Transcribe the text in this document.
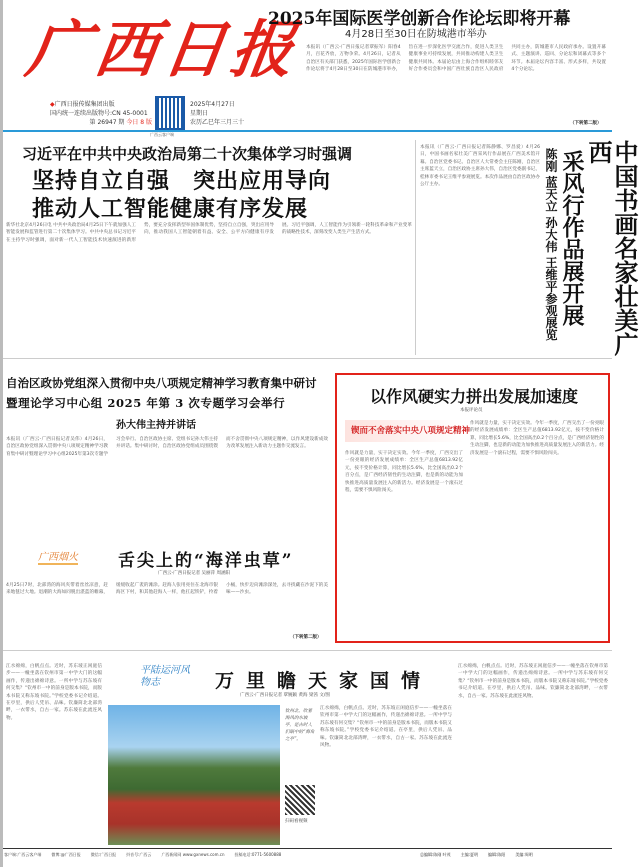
广西日报
◆广西日报传媒集团出版
国内统一连续出版物号:CN 45-0001
第 26947 期 今日 8 版
广西云客户端
2025年4月27日
星期日
农历乙巳年三月三十
2025年国际医学创新合作论坛即将开幕
4月28日至30日在防城港市举办
本报讯（广西云-广西日报记者覃振军）阳春4月，百花齐放，万物争荣。4月26日，记者从自治区有关部门获悉，2025年国际医学创新合作论坛将于4月28日至30日在防城港市举办，旨在进一步深化医学交流合作，促进人类卫生健康事业可持续发展，共同推动构建人类卫生健康共同体。本届论坛由上海合作组织睦邻友好合作委员会和中国广西壮族自治区人民政府共同主办，防城港市人民政府承办。设置开幕式、主题演讲、巡回、分论坛和闭幕式等多个环节。本届论坛内容丰富、形式多样，共设置4个分论坛。
（下转第二版）
习近平在中共中央政治局第二十次集体学习时强调
坚持自立自强　突出应用导向
推动人工智能健康有序发展
新华社北京4月26日电 中共中央政治局4月25日下午就加强人工智能发展和监管进行第二十次集体学习。中共中央总书记习近平在主持学习时强调，面对新一代人工智能技术快速演进的新形势，要充分发挥新型举国体制优势，坚持自立自强，突出应用导向，推动我国人工智能朝着有益、安全、公平方向健康有序发展。习近平强调，人工智能作为引领新一轮科技革命和产业变革的战略性技术，深刻改变人类生产生活方式。
本报讯（广西云-广西日报记者陈静娜、罗昌爱）4月26日，中国书画名家壮美广西采风行作品展在广西美术馆开幕。自治区党委书记、自治区人大常委会主任陈刚，自治区主席蓝天立，自治区政协主席孙大伟，自治区党委副书记、桂林市委书记王维平参观展览。本次作品展由自治区政协办公厅主办。	中国书画名家壮美广西
采风行作品展开展
陈刚 蓝天立 孙大伟 王维平参观展览
自治区政协党组深入贯彻中央八项规定精神学习教育集中研讨
暨理论学习中心组 2025 年第 3 次专题学习会举行
孙大伟主持并讲话
本报讯（广西云-广西日报记者吴伟）4月26日，自治区政协党组深入贯彻中央八项规定精神学习教育集中研讨暨理论学习中心组2025年第3次专题学习会举行。自治区政协主席、党组书记孙大伟主持并讲话。集中研讨时，自治区政协党组成员围绕锲而不舍贯彻中央八项规定精神，以作风建设新成效为改革发展注入新动力主题作交流发言。
以作风硬实力拼出发展加速度
本报评论员
锲而不舍落实中央八项规定精神
作风就是力量，实干决定实效。今年一季度，广西交出了一份亮眼的经济发展成绩单：全区生产总值6813.92亿元，按不变价格计算，同比增长5.6%，比全国高出0.2个百分点，是广西经济韧性的生动注脚，也是新的动能为加快推进高质量发展注入的新活力。经济发展是一个滚石过程，需要不惧风险闯关。
作风就是力量，实干决定实效。今年一季度，广西交出了一份亮眼的经济发展成绩单：全区生产总值6813.92亿元，按不变价格计算，同比增长5.6%，比全国高出0.2个百分点，是广西经济韧性的生动注脚，也是新的动能为加快推进高质量发展注入的新活力。经济发展是一个滚石过程，需要不惧风险闯关。
广西烟火 舌尖上的“海洋虫草”
广西云-广西日报记者 吴丽萍 周涵阳
4月25日7时，北部湾的海风夹带着丝丝凉意，赶来地毯过大地。退潮的大海如同脱出湛蓝的帷幕，缓缓收起广袤的滩涂。赶海人张用亮住在北海市银海区下村，和其他赶海人一样，他扛起铁铲，拎着小桶，快步迈向滩涂深处，去寻找藏在沙泥下的美味——沙虫。
（下转第二版）
江水绵绵，白帆点点。近时，苏东坡正闲庭信步——一幢坐落在钦州市第一中学大门的这幅画作，传递出绵绵诗意。一所中学与苏东坡有何交集？“钦州市一中的前身是版本书院，而版本书院又称东坡书院。”学校党委书记介绍道。在亭里，供后人凭吊、品味。钦廉简北北部湾畔，一衣带水，自古一家。苏东坡在此流连风物。
平陆运河风物志	万里瞻天家国情
广西云-广西日报记者 覃婉颖 黄海 梁茜 文/图
钦州北，吹着海风的东坡亭，是古时人们眼中的“海角之亭”。
扫码看视频
江水绵绵，白帆点点。近时，苏东坡正闲庭信步——一幢坐落在钦州市第一中学大门的这幅画作，传递出绵绵诗意。一所中学与苏东坡有何交集？“钦州市一中的前身是版本书院，而版本书院又称东坡书院。”学校党委书记介绍道。在亭里，供后人凭吊、品味。钦廉简北北部湾畔，一衣带水，自古一家。苏东坡在此流连风物。
江水绵绵，白帆点点。近时，苏东坡正闲庭信步——一幢坐落在钦州市第一中学大门的这幅画作，传递出绵绵诗意。一所中学与苏东坡有何交集？“钦州市一中的前身是版本书院，而版本书院又称东坡书院。”学校党委书记介绍道。在亭里，供后人凭吊、品味。钦廉简北北部湾畔，一衣带水，自古一家。苏东坡在此流连风物。
客户端:广西云客户端	微博:@广西日报	微信:广西日报	抖音号:广西云	广西新闻网 www.gxnews.com.cn	投稿电话:0771-5600888	总编辑:陈刚 叶茂	主编:夏明	编辑:陈阳	美编:周明
